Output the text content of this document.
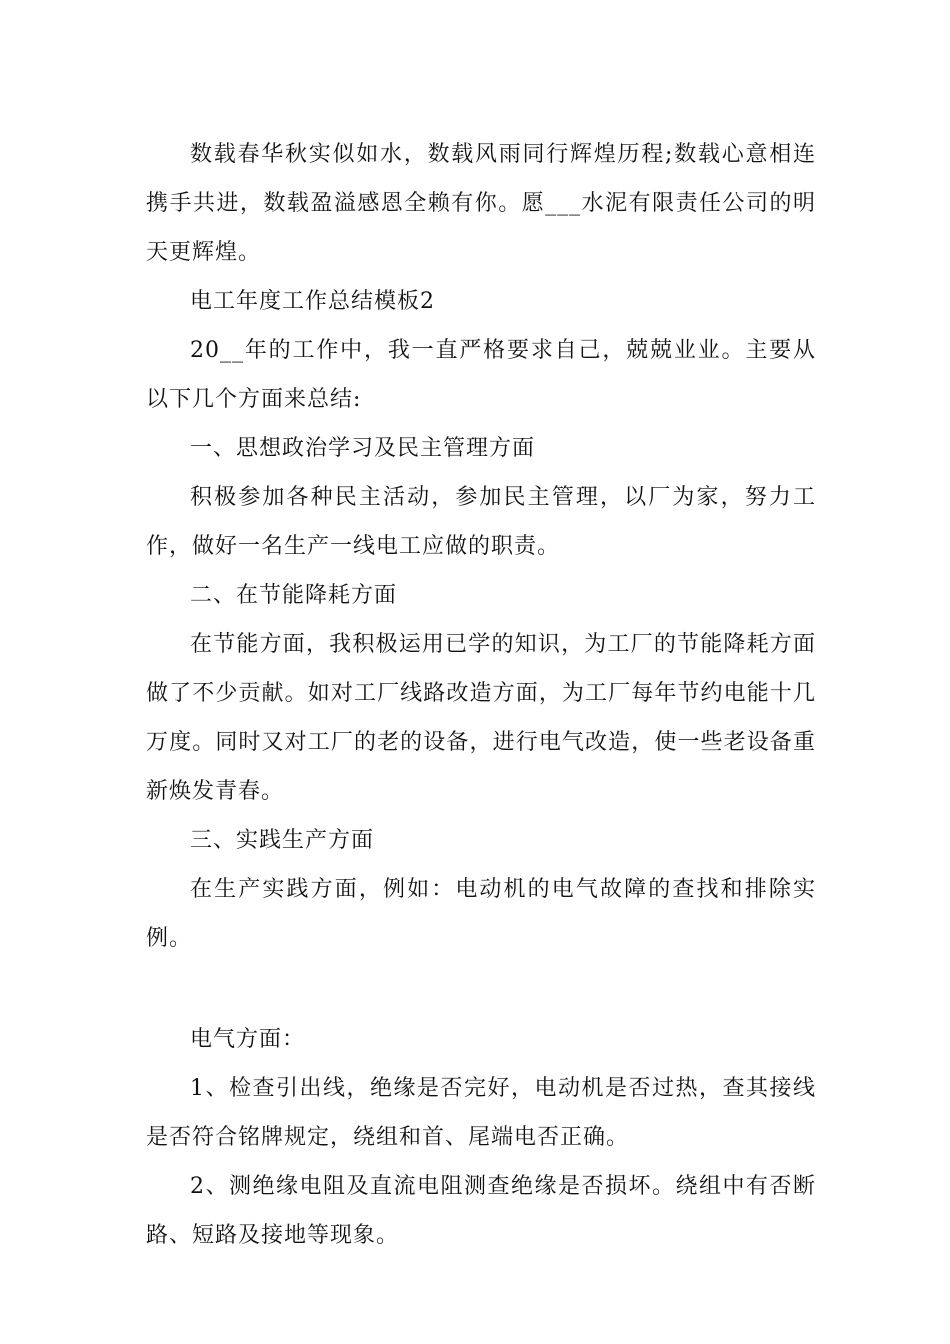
数载春华秋实似如水，数载风雨同行辉煌历程;数载心意相连携手共进，数载盈溢感恩全赖有你。愿___水泥有限责任公司的明天更辉煌。

电工年度工作总结模板2

20__年的工作中，我一直严格要求自己，兢兢业业。主要从以下几个方面来总结:

一、思想政治学习及民主管理方面

积极参加各种民主活动，参加民主管理，以厂为家，努力工作，做好一名生产一线电工应做的职责。

二、在节能降耗方面

在节能方面，我积极运用已学的知识，为工厂的节能降耗方面做了不少贡献。如对工厂线路改造方面，为工厂每年节约电能十几万度。同时又对工厂的老的设备，进行电气改造，使一些老设备重新焕发青春。

三、实践生产方面

在生产实践方面，例如：电动机的电气故障的查找和排除实例。

电气方面：

1、检查引出线，绝缘是否完好，电动机是否过热，查其接线是否符合铭牌规定，绕组和首、尾端电否正确。

2、测绝缘电阻及直流电阻测查绝缘是否损坏。绕组中有否断路、短路及接地等现象。
